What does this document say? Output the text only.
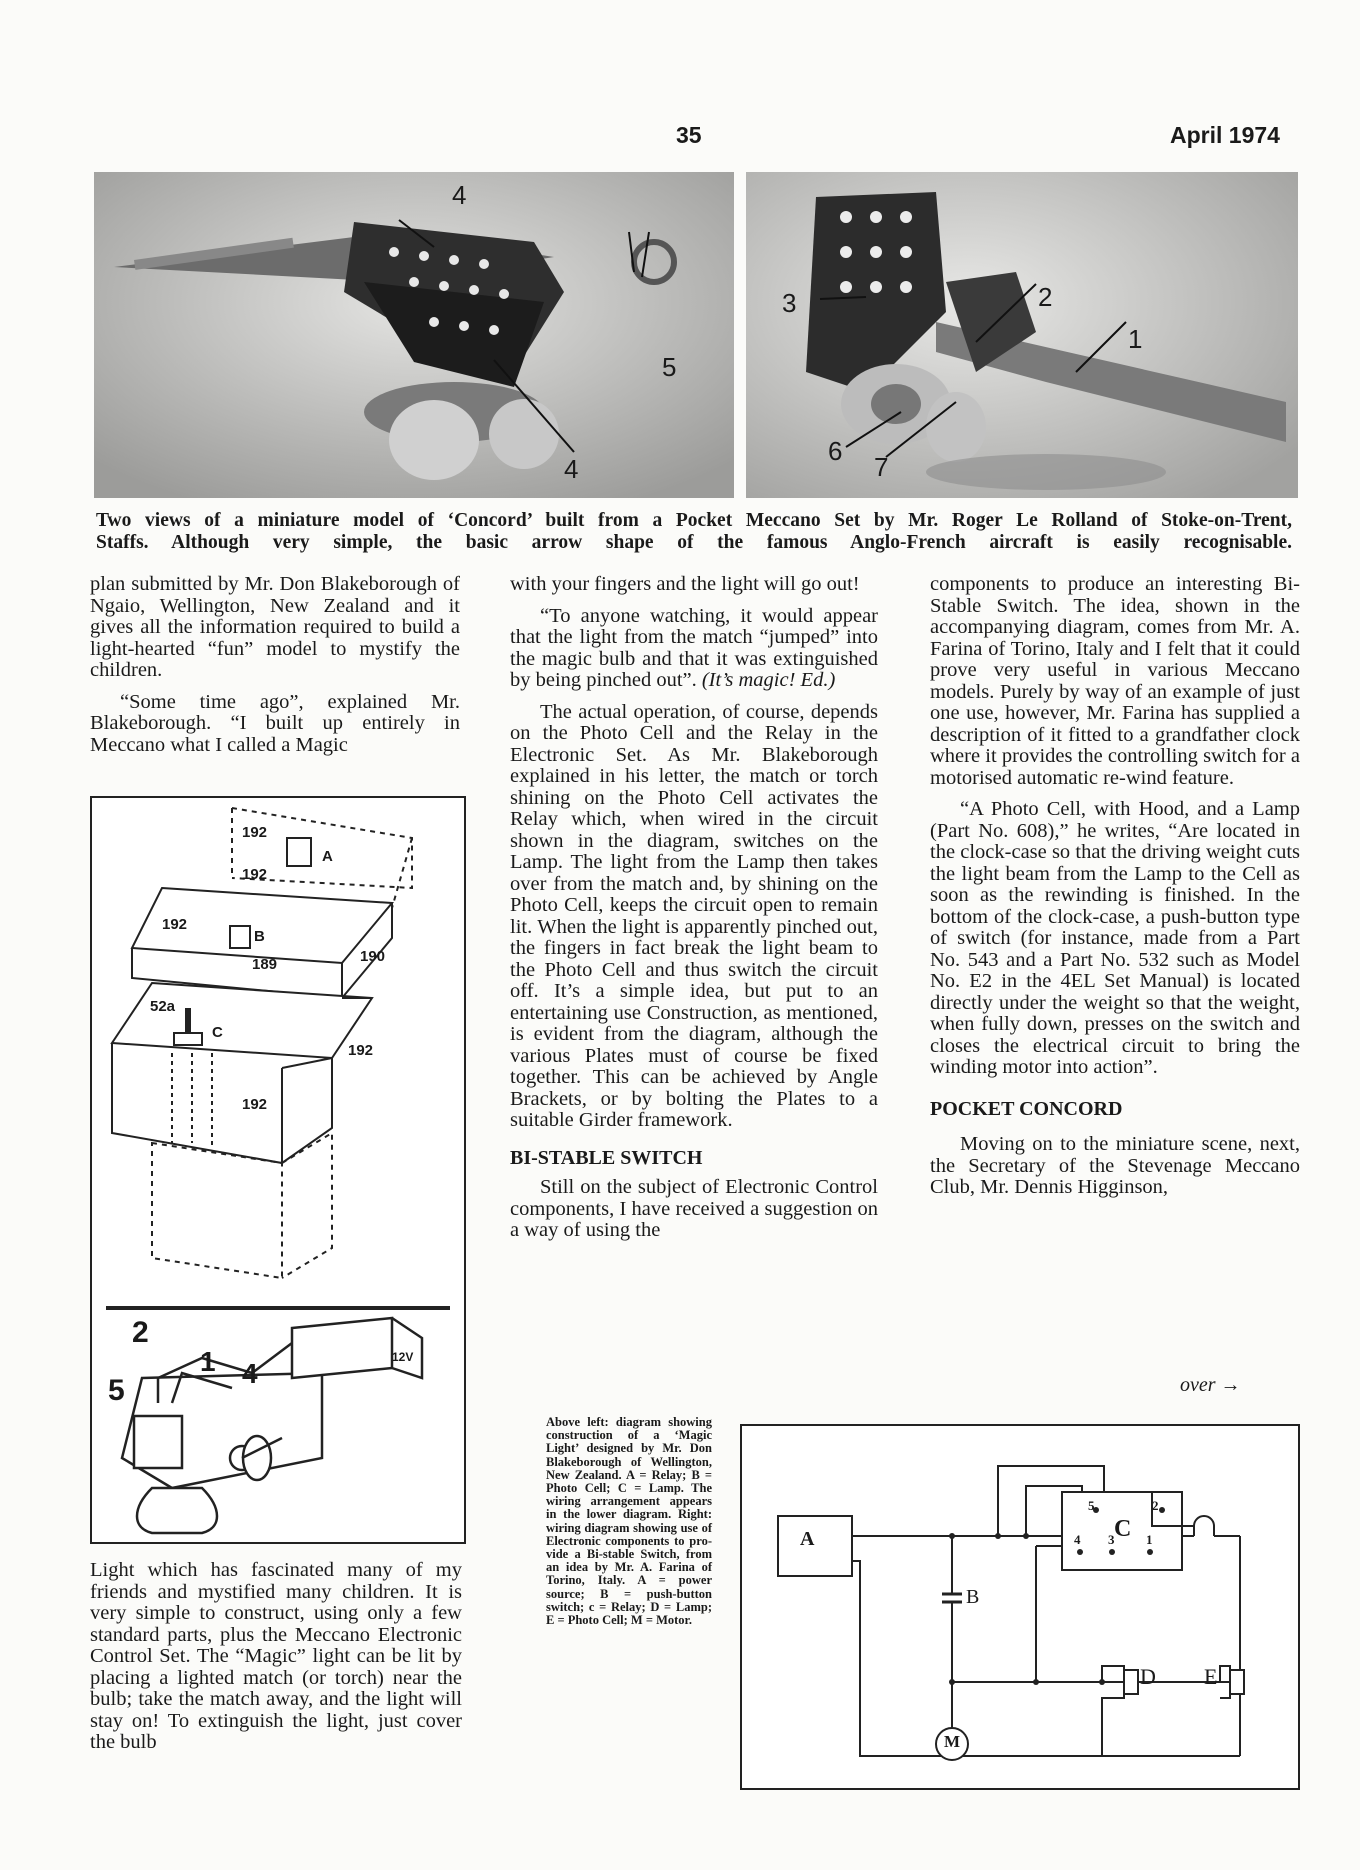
35	April 1974
4
5
4
3	2
1
6
7
Two views of a miniature model of ‘Concord’ built from a Pocket Meccano Set by Mr. Roger Le Rolland of Stoke-on-Trent,
Staffs. Although very simple, the basic arrow shape of the famous Anglo-French aircraft is easily recognisable.

plan submitted by Mr. Don Blakeborough of Ngaio, Wellington, New Zealand and it gives all the information required to build a light-hearted “fun” model to mystify the children.

“Some time ago”, explained Mr. Blakeborough. “I built up entirely in Meccano what I called a Magic

192
192
A
192
B
189	190
52a
C
192
192
2
1 4
5
12V

Light which has fascinated many of my friends and mystified many children. It is very simple to construct, using only a few standard parts, plus the Meccano Electronic Control Set. The “Magic” light can be lit by placing a lighted match (or torch) near the bulb; take the match away, and the light will stay on! To extinguish the light, just cover the bulb

with your fingers and the light will go out!

“To anyone watching, it would appear that the light from the match “jumped” into the magic bulb and that it was extinguished by being pinched out”. (It’s magic! Ed.)

The actual operation, of course, depends on the Photo Cell and the Relay in the Electronic Set. As Mr. Blakeborough explained in his letter, the match or torch shining on the Photo Cell activates the Relay which, when wired in the circuit shown in the diagram, switches on the Lamp. The light from the Lamp then takes over from the match and, by shining on the Photo Cell, keeps the circuit open to remain lit. When the light is apparently pinched out, the fingers in fact break the light beam to the Photo Cell and thus switch the circuit off. It’s a simple idea, but put to an entertaining use Construction, as mentioned, is evident from the diagram, although the various Plates must of course be fixed together. This can be achieved by Angle Brackets, or by bolting the Plates to a suitable Girder framework.

BI-STABLE SWITCH

Still on the subject of Electronic Control components, I have received a suggestion on a way of using the

components to produce an interesting Bi-Stable Switch. The idea, shown in the accompanying diagram, comes from Mr. A. Farina of Torino, Italy and I felt that it could prove very useful in various Meccano models. Purely by way of an example of just one use, however, Mr. Farina has supplied a description of it fitted to a grandfather clock where it provides the controlling switch for a motorised automatic re-wind feature.

“A Photo Cell, with Hood, and a Lamp (Part No. 608),” he writes, “Are located in the clock-case so that the driving weight cuts the light beam from the Lamp to the Cell as soon as the rewinding is finished. In the bottom of the clock-case, a push-button type of switch (for instance, made from a Part No. 543 and a Part No. 532 such as Model No. E2 in the 4EL Set Manual) is located directly under the weight so that the weight, when fully down, presses on the switch and closes the electrical circuit to bring the winding motor into action”.

POCKET CONCORD

Moving on to the miniature scene, next, the Secretary of the Stevenage Meccano Club, Mr. Dennis Higginson,

over →
Above left: diagram showing construction of a ‘Magic Light’ designed by Mr. Don Blakeborough of Wellington, New Zealand. A = Relay; B = Photo Cell; C = Lamp. The wiring arrangement appears in the lower diagram. Right: wiring diagram showing use of Electronic components to provide a Bi-stable Switch, from an idea by Mr. A. Farina of Torino, Italy. A = power source; B = push-button switch; c = Relay; D = Lamp; E = Photo Cell; M = Motor.
A
B
C
D E
M
5	2
4 3 1
